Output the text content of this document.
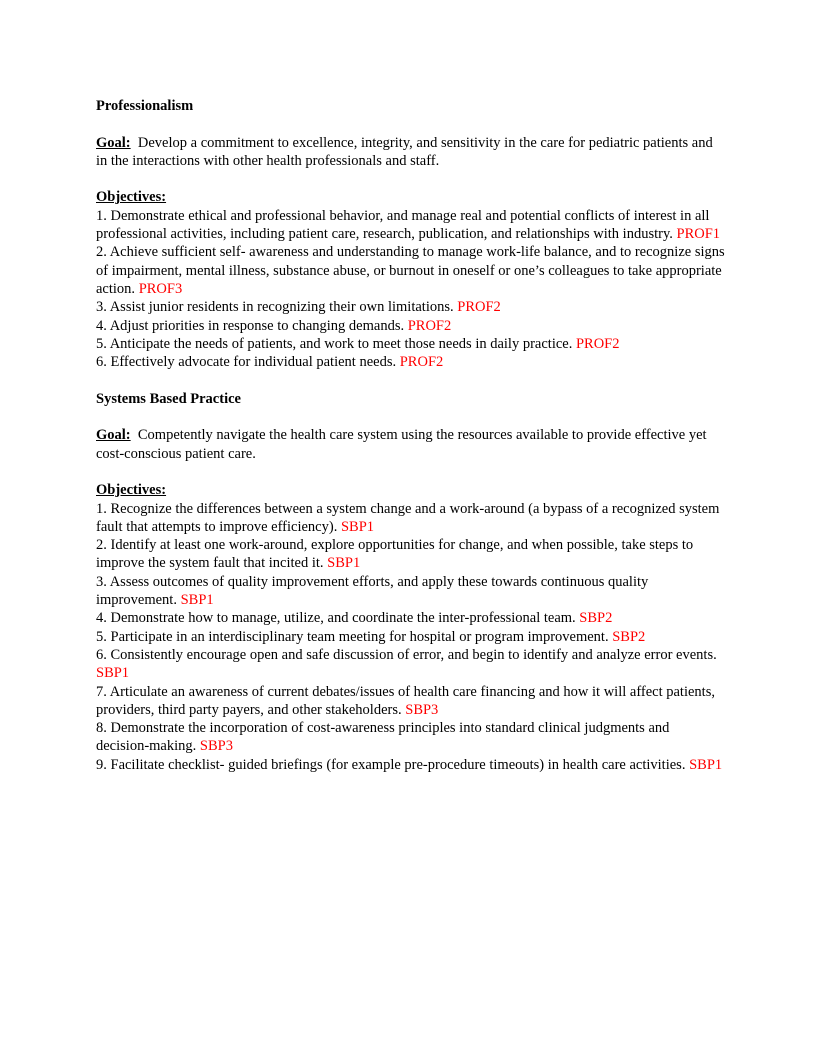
Professionalism

Goal: Develop a commitment to excellence, integrity, and sensitivity in the care for pediatric patients and in the interactions with other health professionals and staff.

Objectives:

1. Demonstrate ethical and professional behavior, and manage real and potential conflicts of interest in all professional activities, including patient care, research, publication, and relationships with industry. PROF1

2. Achieve sufficient self- awareness and understanding to manage work-life balance, and to recognize signs of impairment, mental illness, substance abuse, or burnout in oneself or one’s colleagues to take appropriate action. PROF3

3. Assist junior residents in recognizing their own limitations. PROF2

4. Adjust priorities in response to changing demands. PROF2

5. Anticipate the needs of patients, and work to meet those needs in daily practice. PROF2

6. Effectively advocate for individual patient needs. PROF2

Systems Based Practice

Goal: Competently navigate the health care system using the resources available to provide effective yet cost-conscious patient care.

Objectives:

1. Recognize the differences between a system change and a work-around (a bypass of a recognized system fault that attempts to improve efficiency). SBP1

2. Identify at least one work-around, explore opportunities for change, and when possible, take steps to improve the system fault that incited it. SBP1

3. Assess outcomes of quality improvement efforts, and apply these towards continuous quality improvement. SBP1

4. Demonstrate how to manage, utilize, and coordinate the inter-professional team. SBP2

5. Participate in an interdisciplinary team meeting for hospital or program improvement. SBP2

6. Consistently encourage open and safe discussion of error, and begin to identify and analyze error events. SBP1

7. Articulate an awareness of current debates/issues of health care financing and how it will affect patients, providers, third party payers, and other stakeholders. SBP3

8. Demonstrate the incorporation of cost-awareness principles into standard clinical judgments and decision-making. SBP3

9. Facilitate checklist- guided briefings (for example pre-procedure timeouts) in health care activities. SBP1
